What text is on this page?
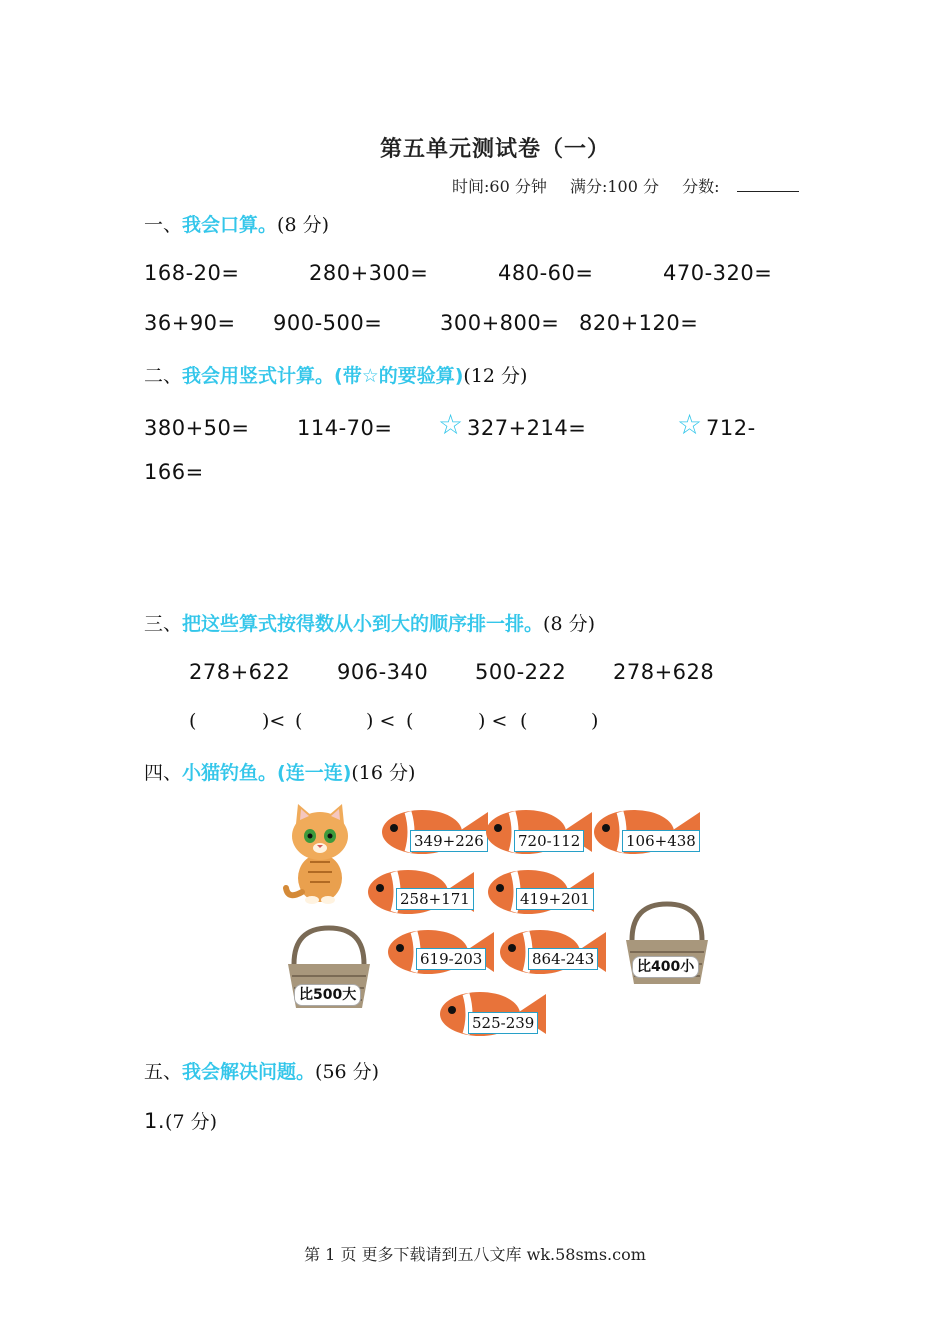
第五单元测试卷（一）
时间:60 分钟 满分:100 分 分数:
一、我会口算。(8 分)
168-20=	280+300=	480-60=	470-320=
36+90= 900-500=	300+800= 820+120=
二、我会用竖式计算。(带☆的要验算)(12 分)
380+50= 114-70= ☆ 327+214=	☆ 712-
166=
三、把这些算式按得数从小到大的顺序排一排。(8 分)
278+622 906-340 500-222 278+628
(	)< (	) < (	) < (	)
四、小猫钓鱼。(连一连)(16 分)
349+226 720-112	106+438
258+171	419+201
619-203	864-243
525-239
比500大
比400小
五、我会解决问题。(56 分)
1.(7 分)
第 1 页 更多下载请到五八文库 wk.58sms.com
